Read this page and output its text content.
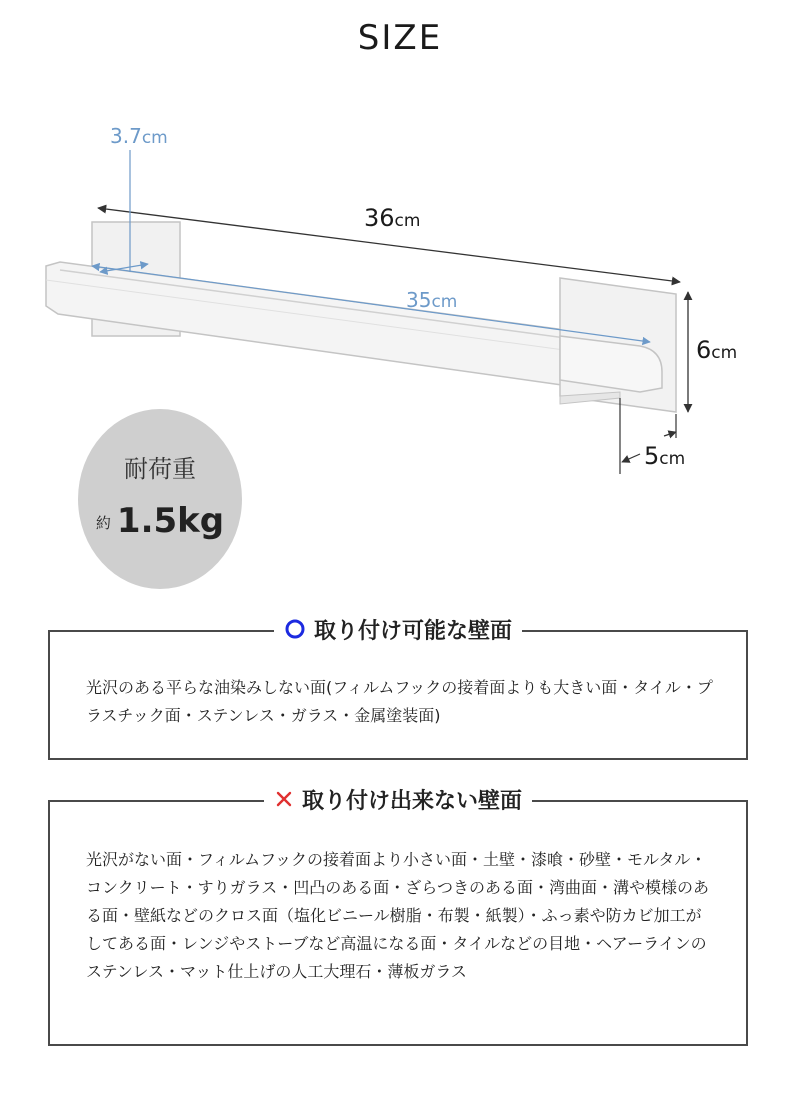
SIZE
3.7cm
36cm
35cm
6cm
5cm
耐荷重
約 1.5kg
取り付け可能な壁面
光沢のある平らな油染みしない面(フィルムフックの接着面よりも大きい面・タイル・プラスチック面・ステンレス・ガラス・金属塗装面)
取り付け出来ない壁面
光沢がない面・フィルムフックの接着面より小さい面・土壁・漆喰・砂壁・モルタル・コンクリート・すりガラス・凹凸のある面・ざらつきのある面・湾曲面・溝や模様のある面・壁紙などのクロス面（塩化ビニール樹脂・布製・紙製）・ふっ素や防カビ加工がしてある面・レンジやストーブなど高温になる面・タイルなどの目地・ヘアーラインのステンレス・マット仕上げの人工大理石・薄板ガラス
